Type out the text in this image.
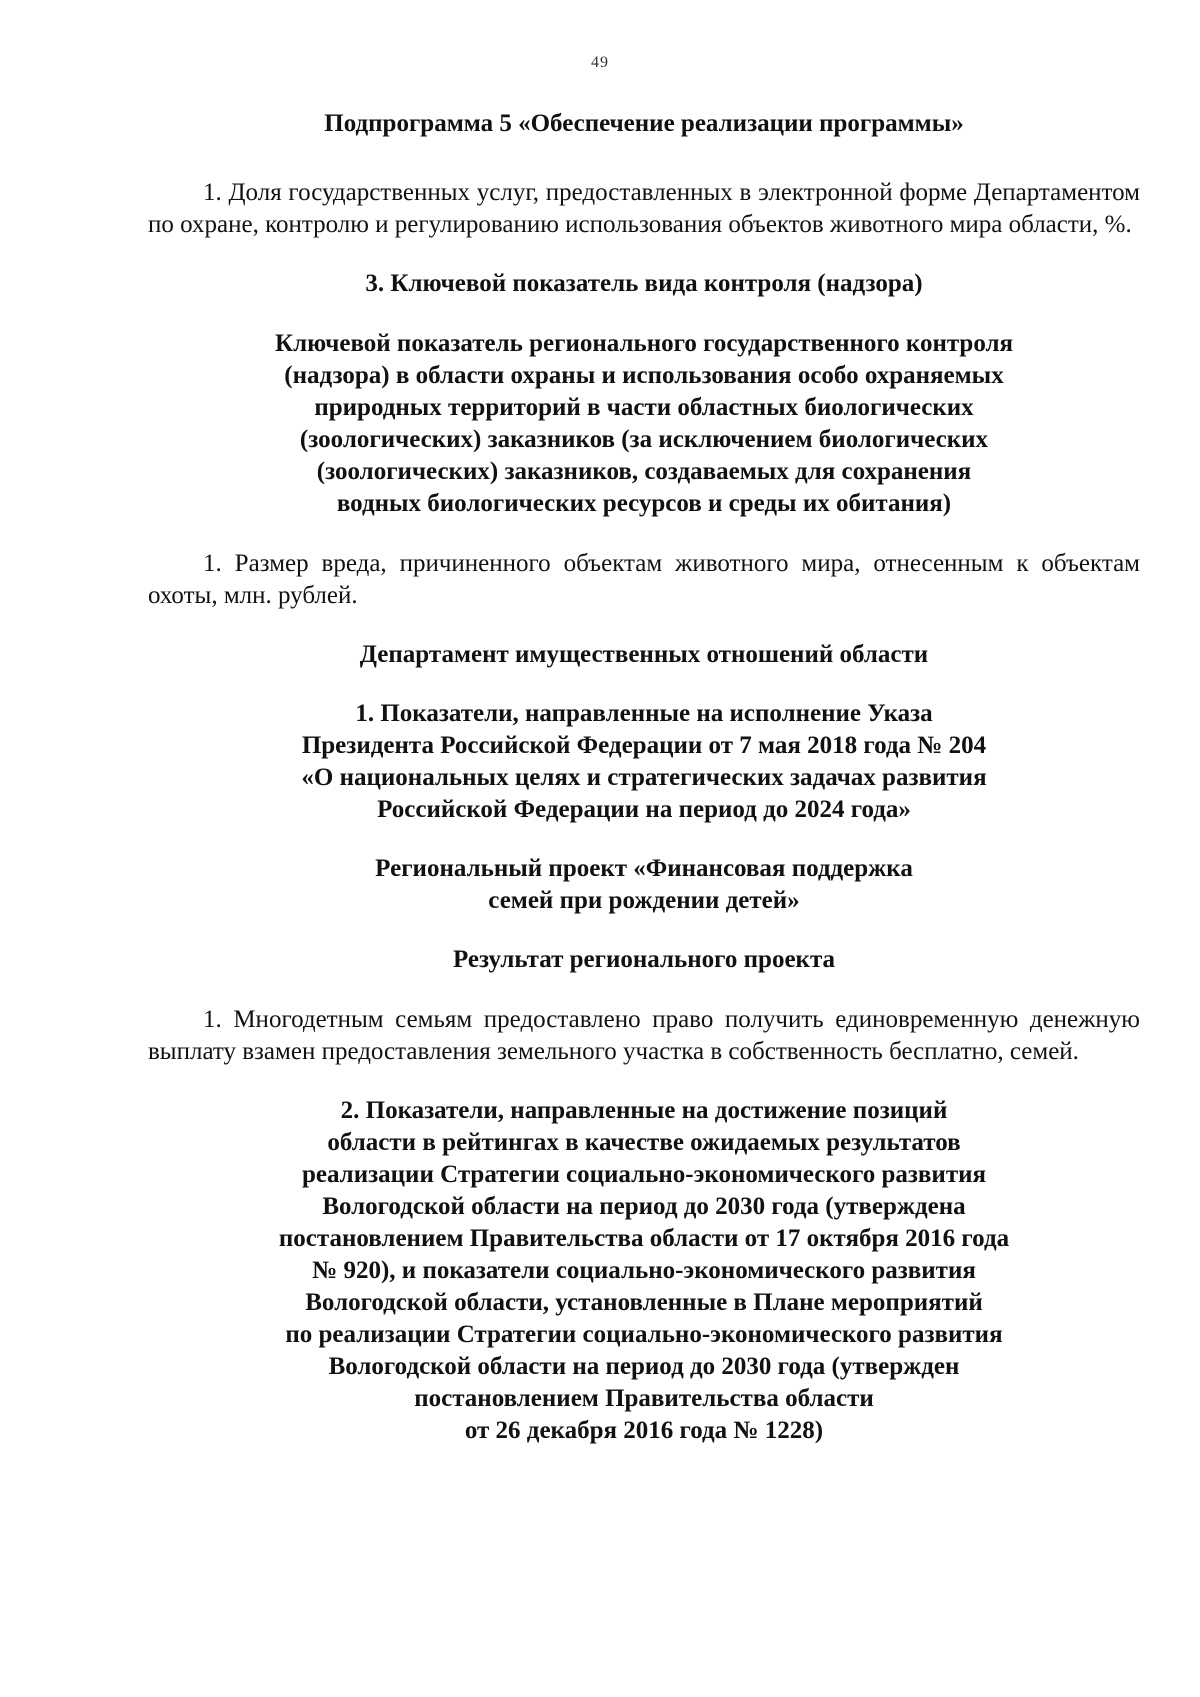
49
Подпрограмма 5 «Обеспечение реализации программы»

1. Доля государственных услуг, предоставленных в электронной форме Департаментом по охране, контролю и регулированию использования объектов животного мира области, %.

3. Ключевой показатель вида контроля (надзора)
Ключевой показатель регионального государственного контроля
(надзора) в области охраны и использования особо охраняемых
природных территорий в части областных биологических
(зоологических) заказников (за исключением биологических
(зоологических) заказников, создаваемых для сохранения
водных биологических ресурсов и среды их обитания)

1. Размер вреда, причиненного объектам животного мира, отнесенным к объектам охоты, млн. рублей.

Департамент имущественных отношений области
1. Показатели, направленные на исполнение Указа
Президента Российской Федерации от 7 мая 2018 года № 204
«О национальных целях и стратегических задачах развития
Российской Федерации на период до 2024 года»
Региональный проект «Финансовая поддержка
семей при рождении детей»
Результат регионального проекта

1. Многодетным семьям предоставлено право получить единовременную денежную выплату взамен предоставления земельного участка в собственность бесплатно, семей.

2. Показатели, направленные на достижение позиций
области в рейтингах в качестве ожидаемых результатов
реализации Стратегии социально-экономического развития
Вологодской области на период до 2030 года (утверждена
постановлением Правительства области от 17 октября 2016 года
№ 920), и показатели социально-экономического развития
Вологодской области, установленные в Плане мероприятий
по реализации Стратегии социально-экономического развития
Вологодской области на период до 2030 года (утвержден
постановлением Правительства области
от 26 декабря 2016 года № 1228)
